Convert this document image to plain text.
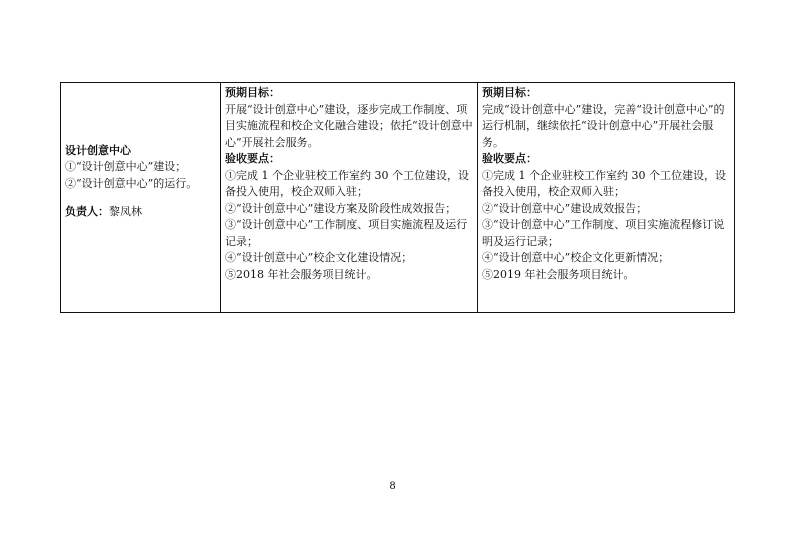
设计创意中心
①“设计创意中心”建设；
②“设计创意中心”的运行。
负责人：黎凤林

预期目标：
开展“设计创意中心”建设，逐步完成工作制度、项目实施流程和校企文化融合建设；依托“设计创意中心”开展社会服务。
验收要点：
①完成 1 个企业驻校工作室约 30 个工位建设，设备投入使用，校企双师入驻；
②“设计创意中心”建设方案及阶段性成效报告；
③“设计创意中心”工作制度、项目实施流程及运行记录；
④“设计创意中心”校企文化建设情况；
⑤2018 年社会服务项目统计。

预期目标：
完成“设计创意中心”建设，完善“设计创意中心”的运行机制，继续依托“设计创意中心”开展社会服务。
验收要点：
①完成 1 个企业驻校工作室约 30 个工位建设，设备投入使用，校企双师入驻；
②“设计创意中心”建设成效报告；
③“设计创意中心”工作制度、项目实施流程修订说明及运行记录；
④“设计创意中心”校企文化更新情况；
⑤2019 年社会服务项目统计。
8
